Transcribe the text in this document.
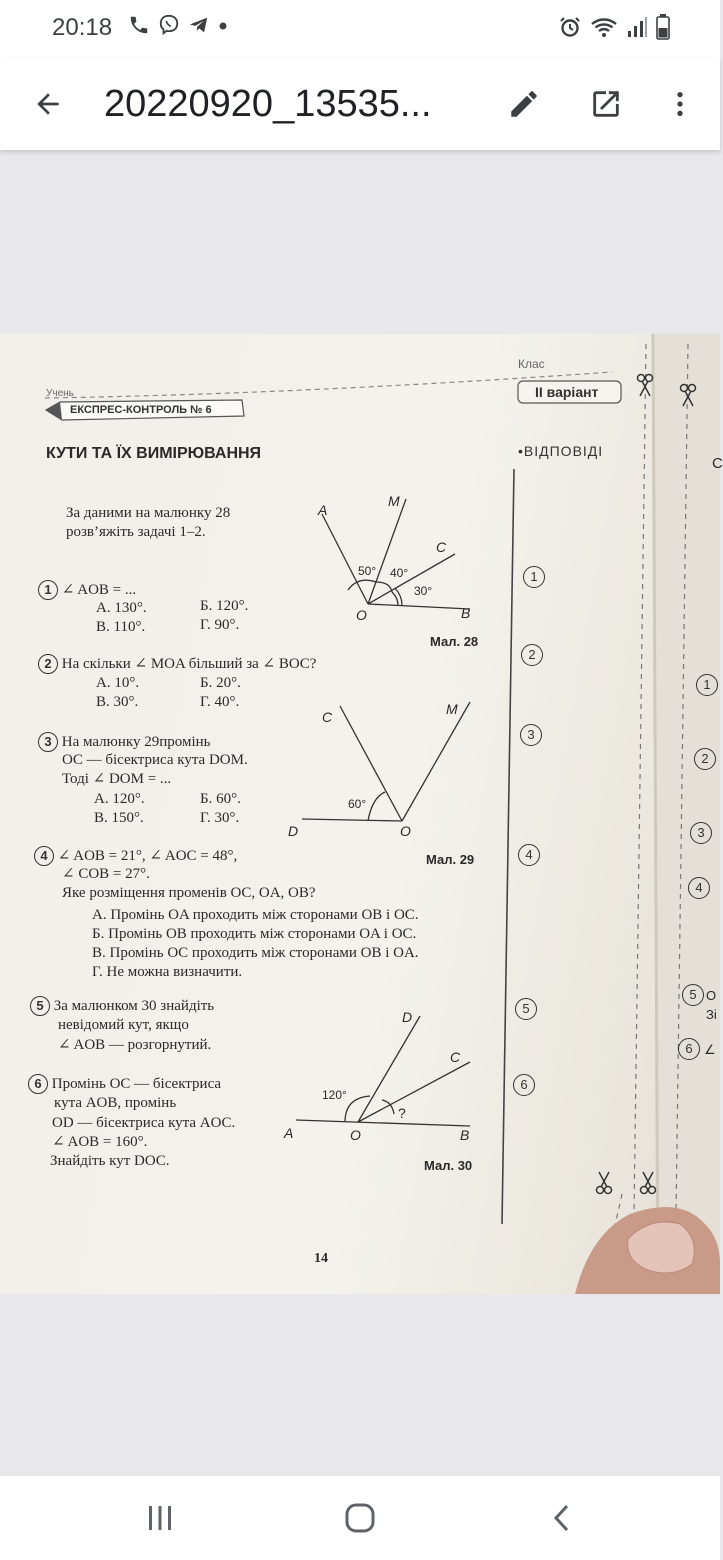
20:18
20220920_13535...
Учень
Клас
ЕКСПРЕС-КОНТРОЛЬ № 6
II варіант
•ВІДПОВІДІ
КУТИ ТА ЇХ ВИМІРЮВАННЯ
За даними на малюнку 28
розв’яжіть задачі 1–2.
1 ∠ AOB = ...
А. 130°.	Б. 120°.
В. 110°.	Г. 90°.
2 На скільки ∠ MOA більший за ∠ BOC?
А. 10°.	Б. 20°.
В. 30°.	Г. 40°.
3 На малюнку 29промінь
OC — бісектриса кута DOM.
Тоді ∠ DOM = ...
А. 120°.	Б. 60°.
В. 150°.	Г. 30°.
4 ∠ AOB = 21°, ∠ AOC = 48°,
∠ COB = 27°.
Яке розміщення променів OC, OA, OB?
А. Промінь OA проходить між сторонами OB і OC.
Б. Промінь OB проходить між сторонами OA і OC.
В. Промінь OC проходить між сторонами OB і OA.
Г. Не можна визначити.
5 За малюнком 30 знайдіть
невідомий кут, якщо
∠ AOB — розгорнутий.
6 Промінь OC — бісектриса
кута AOB, промінь
OD — бісектриса кута AOC.
∠ AOB = 160°.
Знайдіть кут DOC.
A
M
C
O	B
50° 40°
30°
Мал. 28
C	M
D	O
60°
Мал. 29
D
C
A	O	B
120°
?
Мал. 30
1
2
3
4
5
6
14
С
1
2
3
4
5 О
Зі
6 ∠
